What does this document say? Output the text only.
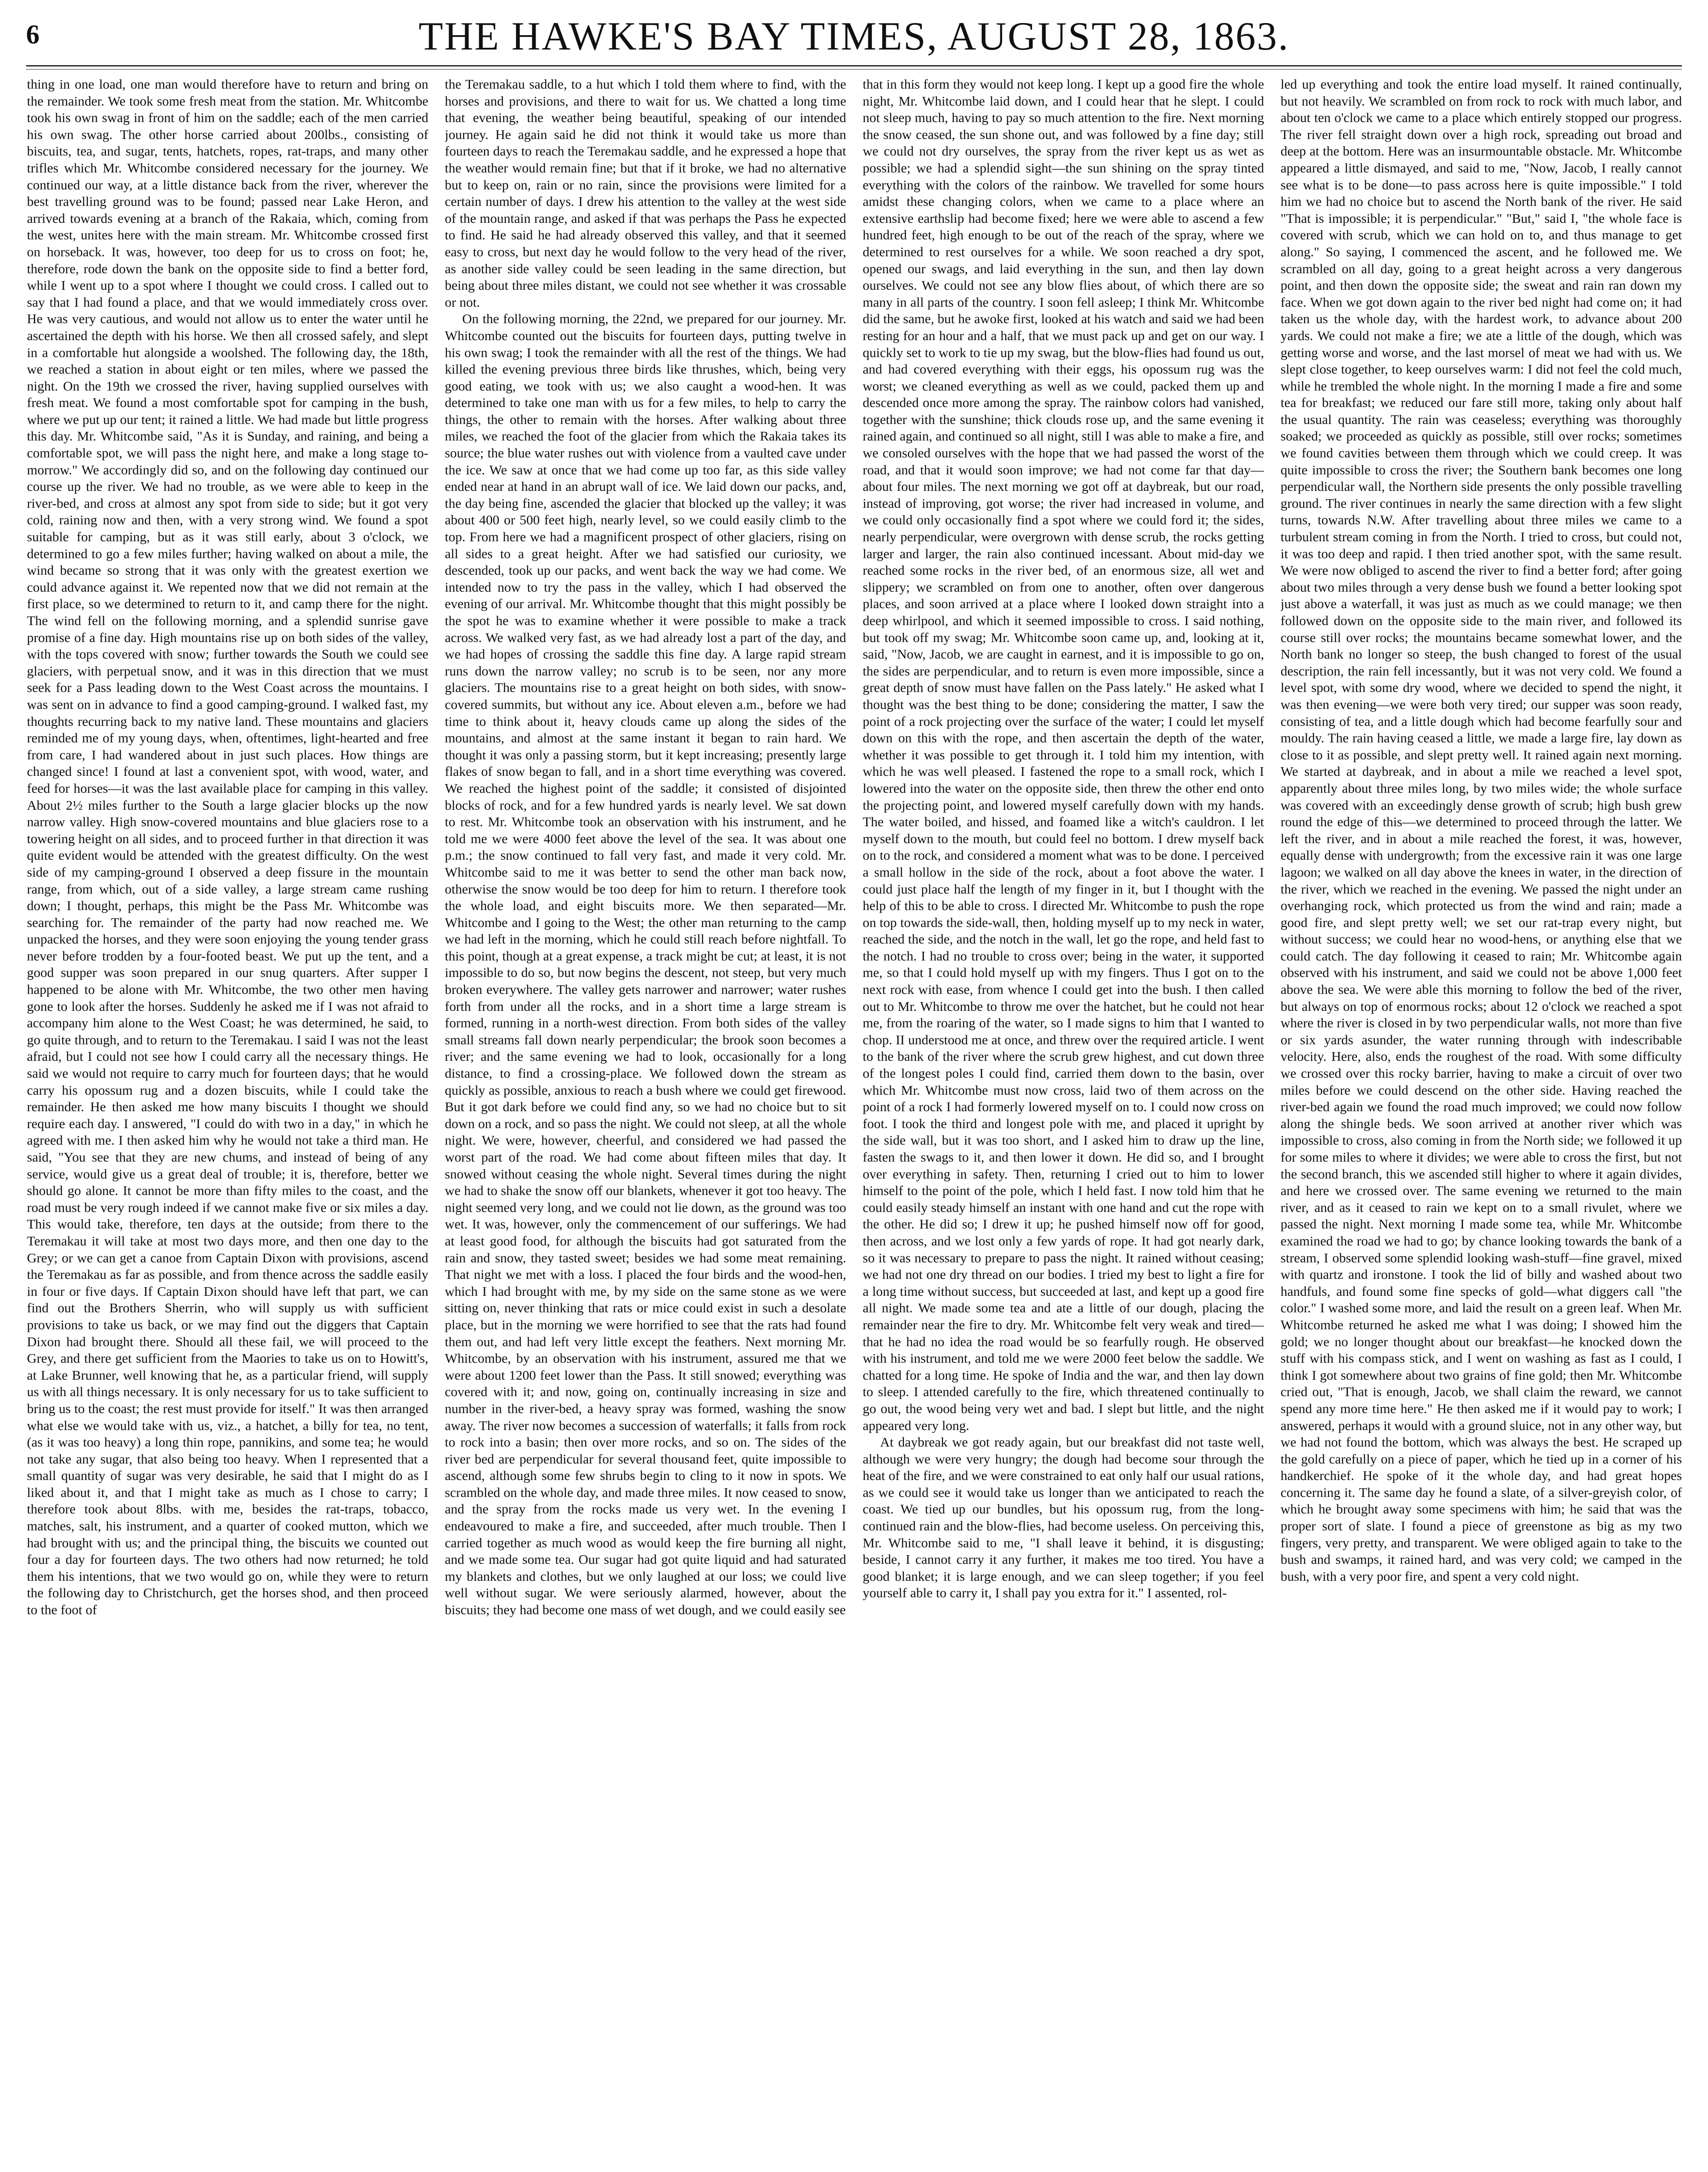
6	THE HAWKE'S BAY TIMES, AUGUST 28, 1863.

thing in one load, one man would therefore have to return and bring on the remainder. We took some fresh meat from the station. Mr. Whitcombe took his own swag in front of him on the saddle; each of the men carried his own swag. The other horse carried about 200lbs., consisting of biscuits, tea, and sugar, tents, hatchets, ropes, rat-traps, and many other trifles which Mr. Whitcombe considered necessary for the journey. We continued our way, at a little distance back from the river, wherever the best travelling ground was to be found; passed near Lake Heron, and arrived towards evening at a branch of the Rakaia, which, coming from the west, unites here with the main stream. Mr. Whitcombe crossed first on horseback. It was, however, too deep for us to cross on foot; he, therefore, rode down the bank on the opposite side to find a better ford, while I went up to a spot where I thought we could cross. I called out to say that I had found a place, and that we would immediately cross over. He was very cautious, and would not allow us to enter the water until he ascertained the depth with his horse. We then all crossed safely, and slept in a comfortable hut alongside a woolshed. The following day, the 18th, we reached a station in about eight or ten miles, where we passed the night. On the 19th we crossed the river, having supplied ourselves with fresh meat. We found a most comfortable spot for camping in the bush, where we put up our tent; it rained a little. We had made but little progress this day. Mr. Whitcombe said, "As it is Sunday, and raining, and being a comfortable spot, we will pass the night here, and make a long stage to-morrow." We accordingly did so, and on the following day continued our course up the river. We had no trouble, as we were able to keep in the river-bed, and cross at almost any spot from side to side; but it got very cold, raining now and then, with a very strong wind. We found a spot suitable for camping, but as it was still early, about 3 o'clock, we determined to go a few miles further; having walked on about a mile, the wind became so strong that it was only with the greatest exertion we could advance against it. We repented now that we did not remain at the first place, so we determined to return to it, and camp there for the night. The wind fell on the following morning, and a splendid sunrise gave promise of a fine day. High mountains rise up on both sides of the valley, with the tops covered with snow; further towards the South we could see glaciers, with perpetual snow, and it was in this direction that we must seek for a Pass leading down to the West Coast across the mountains. I was sent on in advance to find a good camping-ground. I walked fast, my thoughts recurring back to my native land. These mountains and glaciers reminded me of my young days, when, oftentimes, light-hearted and free from care, I had wandered about in just such places. How things are changed since! I found at last a convenient spot, with wood, water, and feed for horses—it was the last available place for camping in this valley. About 2½ miles further to the South a large glacier blocks up the now narrow valley. High snow-covered mountains and blue glaciers rose to a towering height on all sides, and to proceed further in that direction it was quite evident would be attended with the greatest difficulty. On the west side of my camping-ground I observed a deep fissure in the mountain range, from which, out of a side valley, a large stream came rushing down; I thought, perhaps, this might be the Pass Mr. Whitcombe was searching for. The remainder of the party had now reached me. We unpacked the horses, and they were soon enjoying the young tender grass never before trodden by a four-footed beast. We put up the tent, and a good supper was soon prepared in our snug quarters. After supper I happened to be alone with Mr. Whitcombe, the two other men having gone to look after the horses. Suddenly he asked me if I was not afraid to accompany him alone to the West Coast; he was determined, he said, to go quite through, and to return to the Teremakau. I said I was not the least afraid, but I could not see how I could carry all the necessary things. He said we would not require to carry much for fourteen days; that he would carry his opossum rug and a dozen biscuits, while I could take the remainder. He then asked me how many biscuits I thought we should require each day. I answered, "I could do with two in a day," in which he agreed with me. I then asked him why he would not take a third man. He said, "You see that they are new chums, and instead of being of any service, would give us a great deal of trouble; it is, therefore, better we should go alone. It cannot be more than fifty miles to the coast, and the road must be very rough indeed if we cannot make five or six miles a day. This would take, therefore, ten days at the outside; from there to the Teremakau it will take at most two days more, and then one day to the Grey; or we can get a canoe from Captain Dixon with provisions, ascend the Teremakau as far as possible, and from thence across the saddle easily in four or five days. If Captain Dixon should have left that part, we can find out the Brothers Sherrin, who will supply us with sufficient provisions to take us back, or we may find out the diggers that Captain Dixon had brought there. Should all these fail, we will proceed to the Grey, and there get sufficient from the Maories to take us on to Howitt's, at Lake Brunner, well knowing that he, as a particular friend, will supply us with all things necessary. It is only necessary for us to take sufficient to bring us to the coast; the rest must provide for itself." It was then arranged what else we would take with us, viz., a hatchet, a billy for tea, no tent, (as it was too heavy) a long thin rope, pannikins, and some tea; he would not take any sugar, that also being too heavy. When I represented that a small quantity of sugar was very desirable, he said that I might do as I liked about it, and that I might take as much as I chose to carry; I therefore took about 8lbs. with me, besides the rat-traps, tobacco, matches, salt, his instrument, and a quarter of cooked mutton, which we had brought with us; and the principal thing, the biscuits we counted out four a day for fourteen days. The two others had now returned; he told them his intentions, that we two would go on, while they were to return the following day to Christchurch, get the horses shod, and then proceed to the foot of

the Teremakau saddle, to a hut which I told them where to find, with the horses and provisions, and there to wait for us. We chatted a long time that evening, the weather being beautiful, speaking of our intended journey. He again said he did not think it would take us more than fourteen days to reach the Teremakau saddle, and he expressed a hope that the weather would remain fine; but that if it broke, we had no alternative but to keep on, rain or no rain, since the provisions were limited for a certain number of days. I drew his attention to the valley at the west side of the mountain range, and asked if that was perhaps the Pass he expected to find. He said he had already observed this valley, and that it seemed easy to cross, but next day he would follow to the very head of the river, as another side valley could be seen leading in the same direction, but being about three miles distant, we could not see whether it was crossable or not.

On the following morning, the 22nd, we prepared for our journey. Mr. Whitcombe counted out the biscuits for fourteen days, putting twelve in his own swag; I took the remainder with all the rest of the things. We had killed the evening previous three birds like thrushes, which, being very good eating, we took with us; we also caught a wood-hen. It was determined to take one man with us for a few miles, to help to carry the things, the other to remain with the horses. After walking about three miles, we reached the foot of the glacier from which the Rakaia takes its source; the blue water rushes out with violence from a vaulted cave under the ice. We saw at once that we had come up too far, as this side valley ended near at hand in an abrupt wall of ice. We laid down our packs, and, the day being fine, ascended the glacier that blocked up the valley; it was about 400 or 500 feet high, nearly level, so we could easily climb to the top. From here we had a magnificent prospect of other glaciers, rising on all sides to a great height. After we had satisfied our curiosity, we descended, took up our packs, and went back the way we had come. We intended now to try the pass in the valley, which I had observed the evening of our arrival. Mr. Whitcombe thought that this might possibly be the spot he was to examine whether it were possible to make a track across. We walked very fast, as we had already lost a part of the day, and we had hopes of crossing the saddle this fine day. A large rapid stream runs down the narrow valley; no scrub is to be seen, nor any more glaciers. The mountains rise to a great height on both sides, with snow-covered summits, but without any ice. About eleven a.m., before we had time to think about it, heavy clouds came up along the sides of the mountains, and almost at the same instant it began to rain hard. We thought it was only a passing storm, but it kept increasing; presently large flakes of snow began to fall, and in a short time everything was covered. We reached the highest point of the saddle; it consisted of disjointed blocks of rock, and for a few hundred yards is nearly level. We sat down to rest. Mr. Whitcombe took an observation with his instrument, and he told me we were 4000 feet above the level of the sea. It was about one p.m.; the snow continued to fall very fast, and made it very cold. Mr. Whitcombe said to me it was better to send the other man back now, otherwise the snow would be too deep for him to return. I therefore took the whole load, and eight biscuits more. We then separated—Mr. Whitcombe and I going to the West; the other man returning to the camp we had left in the morning, which he could still reach before nightfall. To this point, though at a great expense, a track might be cut; at least, it is not impossible to do so, but now begins the descent, not steep, but very much broken everywhere. The valley gets narrower and narrower; water rushes forth from under all the rocks, and in a short time a large stream is formed, running in a north-west direction. From both sides of the valley small streams fall down nearly perpendicular; the brook soon becomes a river; and the same evening we had to look, occasionally for a long distance, to find a crossing-place. We followed down the stream as quickly as possible, anxious to reach a bush where we could get firewood. But it got dark before we could find any, so we had no choice but to sit down on a rock, and so pass the night. We could not sleep, at all the whole night. We were, however, cheerful, and considered we had passed the worst part of the road. We had come about fifteen miles that day. It snowed without ceasing the whole night. Several times during the night we had to shake the snow off our blankets, whenever it got too heavy. The night seemed very long, and we could not lie down, as the ground was too wet. It was, however, only the commencement of our sufferings. We had at least good food, for although the biscuits had got saturated from the rain and snow, they tasted sweet; besides we had some meat remaining. That night we met with a loss. I placed the four birds and the wood-hen, which I had brought with me, by my side on the same stone as we were sitting on, never thinking that rats or mice could exist in such a desolate place, but in the morning we were horrified to see that the rats had found them out, and had left very little except the feathers. Next morning Mr. Whitcombe, by an observation with his instrument, assured me that we were about 1200 feet lower than the Pass. It still snowed; everything was covered with it; and now, going on, continually increasing in size and number in the river-bed, a heavy spray was formed, washing the snow away. The river now becomes a succession of waterfalls; it falls from rock to rock into a basin; then over more rocks, and so on. The sides of the river bed are perpendicular for several thousand feet, quite impossible to ascend, although some few shrubs begin to cling to it now in spots. We scrambled on the whole day, and made three miles. It now ceased to snow, and the spray from the rocks made us very wet. In the evening I endeavoured to make a fire, and succeeded, after much trouble. Then I carried together as much wood as would keep the fire burning all night, and we made some tea. Our sugar had got quite liquid and had saturated my blankets and clothes, but we only laughed at our loss; we could live well without sugar. We were seriously alarmed, however, about the biscuits; they had become one mass of wet dough, and we could easily see

that in this form they would not keep long. I kept up a good fire the whole night, Mr. Whitcombe laid down, and I could hear that he slept. I could not sleep much, having to pay so much attention to the fire. Next morning the snow ceased, the sun shone out, and was followed by a fine day; still we could not dry ourselves, the spray from the river kept us as wet as possible; we had a splendid sight—the sun shining on the spray tinted everything with the colors of the rainbow. We travelled for some hours amidst these changing colors, when we came to a place where an extensive earthslip had become fixed; here we were able to ascend a few hundred feet, high enough to be out of the reach of the spray, where we determined to rest ourselves for a while. We soon reached a dry spot, opened our swags, and laid everything in the sun, and then lay down ourselves. We could not see any blow flies about, of which there are so many in all parts of the country. I soon fell asleep; I think Mr. Whitcombe did the same, but he awoke first, looked at his watch and said we had been resting for an hour and a half, that we must pack up and get on our way. I quickly set to work to tie up my swag, but the blow-flies had found us out, and had covered everything with their eggs, his opossum rug was the worst; we cleaned everything as well as we could, packed them up and descended once more among the spray. The rainbow colors had vanished, together with the sunshine; thick clouds rose up, and the same evening it rained again, and continued so all night, still I was able to make a fire, and we consoled ourselves with the hope that we had passed the worst of the road, and that it would soon improve; we had not come far that day—about four miles. The next morning we got off at daybreak, but our road, instead of improving, got worse; the river had increased in volume, and we could only occasionally find a spot where we could ford it; the sides, nearly perpendicular, were overgrown with dense scrub, the rocks getting larger and larger, the rain also continued incessant. About mid-day we reached some rocks in the river bed, of an enormous size, all wet and slippery; we scrambled on from one to another, often over dangerous places, and soon arrived at a place where I looked down straight into a deep whirlpool, and which it seemed impossible to cross. I said nothing, but took off my swag; Mr. Whitcombe soon came up, and, looking at it, said, "Now, Jacob, we are caught in earnest, and it is impossible to go on, the sides are perpendicular, and to return is even more impossible, since a great depth of snow must have fallen on the Pass lately." He asked what I thought was the best thing to be done; considering the matter, I saw the point of a rock projecting over the surface of the water; I could let myself down on this with the rope, and then ascertain the depth of the water, whether it was possible to get through it. I told him my intention, with which he was well pleased. I fastened the rope to a small rock, which I lowered into the water on the opposite side, then threw the other end onto the projecting point, and lowered myself carefully down with my hands. The water boiled, and hissed, and foamed like a witch's cauldron. I let myself down to the mouth, but could feel no bottom. I drew myself back on to the rock, and considered a moment what was to be done. I perceived a small hollow in the side of the rock, about a foot above the water. I could just place half the length of my finger in it, but I thought with the help of this to be able to cross. I directed Mr. Whitcombe to push the rope on top towards the side-wall, then, holding myself up to my neck in water, reached the side, and the notch in the wall, let go the rope, and held fast to the notch. I had no trouble to cross over; being in the water, it supported me, so that I could hold myself up with my fingers. Thus I got on to the next rock with ease, from whence I could get into the bush. I then called out to Mr. Whitcombe to throw me over the hatchet, but he could not hear me, from the roaring of the water, so I made signs to him that I wanted to chop. II understood me at once, and threw over the required article. I went to the bank of the river where the scrub grew highest, and cut down three of the longest poles I could find, carried them down to the basin, over which Mr. Whitcombe must now cross, laid two of them across on the point of a rock I had formerly lowered myself on to. I could now cross on foot. I took the third and longest pole with me, and placed it upright by the side wall, but it was too short, and I asked him to draw up the line, fasten the swags to it, and then lower it down. He did so, and I brought over everything in safety. Then, returning I cried out to him to lower himself to the point of the pole, which I held fast. I now told him that he could easily steady himself an instant with one hand and cut the rope with the other. He did so; I drew it up; he pushed himself now off for good, then across, and we lost only a few yards of rope. It had got nearly dark, so it was necessary to prepare to pass the night. It rained without ceasing; we had not one dry thread on our bodies. I tried my best to light a fire for a long time without success, but succeeded at last, and kept up a good fire all night. We made some tea and ate a little of our dough, placing the remainder near the fire to dry. Mr. Whitcombe felt very weak and tired—that he had no idea the road would be so fearfully rough. He observed with his instrument, and told me we were 2000 feet below the saddle. We chatted for a long time. He spoke of India and the war, and then lay down to sleep. I attended carefully to the fire, which threatened continually to go out, the wood being very wet and bad. I slept but little, and the night appeared very long.

At daybreak we got ready again, but our breakfast did not taste well, although we were very hungry; the dough had become sour through the heat of the fire, and we were constrained to eat only half our usual rations, as we could see it would take us longer than we anticipated to reach the coast. We tied up our bundles, but his opossum rug, from the long-continued rain and the blow-flies, had become useless. On perceiving this, Mr. Whitcombe said to me, "I shall leave it behind, it is disgusting; beside, I cannot carry it any further, it makes me too tired. You have a good blanket; it is large enough, and we can sleep together; if you feel yourself able to carry it, I shall pay you extra for it." I assented, rol-

led up everything and took the entire load myself. It rained continually, but not heavily. We scrambled on from rock to rock with much labor, and about ten o'clock we came to a place which entirely stopped our progress. The river fell straight down over a high rock, spreading out broad and deep at the bottom. Here was an insurmountable obstacle. Mr. Whitcombe appeared a little dismayed, and said to me, "Now, Jacob, I really cannot see what is to be done—to pass across here is quite impossible." I told him we had no choice but to ascend the North bank of the river. He said "That is impossible; it is perpendicular." "But," said I, "the whole face is covered with scrub, which we can hold on to, and thus manage to get along." So saying, I commenced the ascent, and he followed me. We scrambled on all day, going to a great height across a very dangerous point, and then down the opposite side; the sweat and rain ran down my face. When we got down again to the river bed night had come on; it had taken us the whole day, with the hardest work, to advance about 200 yards. We could not make a fire; we ate a little of the dough, which was getting worse and worse, and the last morsel of meat we had with us. We slept close together, to keep ourselves warm: I did not feel the cold much, while he trembled the whole night. In the morning I made a fire and some tea for breakfast; we reduced our fare still more, taking only about half the usual quantity. The rain was ceaseless; everything was thoroughly soaked; we proceeded as quickly as possible, still over rocks; sometimes we found cavities between them through which we could creep. It was quite impossible to cross the river; the Southern bank becomes one long perpendicular wall, the Northern side presents the only possible travelling ground. The river continues in nearly the same direction with a few slight turns, towards N.W. After travelling about three miles we came to a turbulent stream coming in from the North. I tried to cross, but could not, it was too deep and rapid. I then tried another spot, with the same result. We were now obliged to ascend the river to find a better ford; after going about two miles through a very dense bush we found a better looking spot just above a waterfall, it was just as much as we could manage; we then followed down on the opposite side to the main river, and followed its course still over rocks; the mountains became somewhat lower, and the North bank no longer so steep, the bush changed to forest of the usual description, the rain fell incessantly, but it was not very cold. We found a level spot, with some dry wood, where we decided to spend the night, it was then evening—we were both very tired; our supper was soon ready, consisting of tea, and a little dough which had become fearfully sour and mouldy. The rain having ceased a little, we made a large fire, lay down as close to it as possible, and slept pretty well. It rained again next morning. We started at daybreak, and in about a mile we reached a level spot, apparently about three miles long, by two miles wide; the whole surface was covered with an exceedingly dense growth of scrub; high bush grew round the edge of this—we determined to proceed through the latter. We left the river, and in about a mile reached the forest, it was, however, equally dense with undergrowth; from the excessive rain it was one large lagoon; we walked on all day above the knees in water, in the direction of the river, which we reached in the evening. We passed the night under an overhanging rock, which protected us from the wind and rain; made a good fire, and slept pretty well; we set our rat-trap every night, but without success; we could hear no wood-hens, or anything else that we could catch. The day following it ceased to rain; Mr. Whitcombe again observed with his instrument, and said we could not be above 1,000 feet above the sea. We were able this morning to follow the bed of the river, but always on top of enormous rocks; about 12 o'clock we reached a spot where the river is closed in by two perpendicular walls, not more than five or six yards asunder, the water running through with indescribable velocity. Here, also, ends the roughest of the road. With some difficulty we crossed over this rocky barrier, having to make a circuit of over two miles before we could descend on the other side. Having reached the river-bed again we found the road much improved; we could now follow along the shingle beds. We soon arrived at another river which was impossible to cross, also coming in from the North side; we followed it up for some miles to where it divides; we were able to cross the first, but not the second branch, this we ascended still higher to where it again divides, and here we crossed over. The same evening we returned to the main river, and as it ceased to rain we kept on to a small rivulet, where we passed the night. Next morning I made some tea, while Mr. Whitcombe examined the road we had to go; by chance looking towards the bank of a stream, I observed some splendid looking wash-stuff—fine gravel, mixed with quartz and ironstone. I took the lid of billy and washed about two handfuls, and found some fine specks of gold—what diggers call "the color." I washed some more, and laid the result on a green leaf. When Mr. Whitcombe returned he asked me what I was doing; I showed him the gold; we no longer thought about our breakfast—he knocked down the stuff with his compass stick, and I went on washing as fast as I could, I think I got somewhere about two grains of fine gold; then Mr. Whitcombe cried out, "That is enough, Jacob, we shall claim the reward, we cannot spend any more time here." He then asked me if it would pay to work; I answered, perhaps it would with a ground sluice, not in any other way, but we had not found the bottom, which was always the best. He scraped up the gold carefully on a piece of paper, which he tied up in a corner of his handkerchief. He spoke of it the whole day, and had great hopes concerning it. The same day he found a slate, of a silver-greyish color, of which he brought away some specimens with him; he said that was the proper sort of slate. I found a piece of greenstone as big as my two fingers, very pretty, and transparent. We were obliged again to take to the bush and swamps, it rained hard, and was very cold; we camped in the bush, with a very poor fire, and spent a very cold night.
